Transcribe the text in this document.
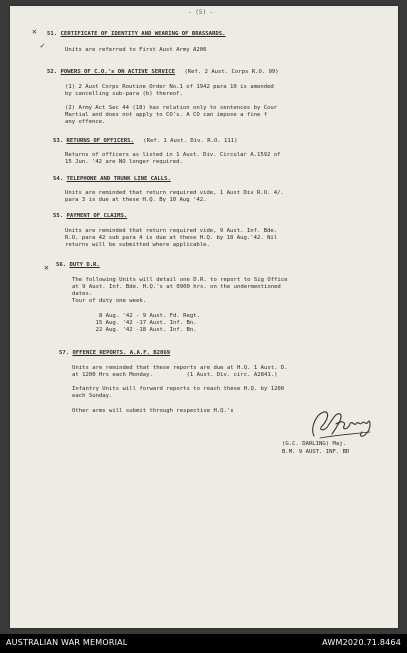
- (5) -
✕
✓
✕
51. CERTIFICATE OF IDENTITY AND WEARING OF BRASSARDS.
Units are referred to First Aust Army A206
52. POWERS OF C.O.'s ON ACTIVE SERVICE (Ref. 2 Aust. Corps R.O. 99)
(1) 2 Aust Corps Routine Order No.1 of 1942 para 10 is amended
by cancelling sub-para (b) thereof.
(2) Army Act Sec 44 (18) has relation only to sentences by Cour
Martial and does not apply to CO's. A CO can impose a fine f
any offence.
53. RETURNS OF OFFICERS. (Ref. 1 Aust. Div. R.O. 111)
Returns of officers as listed in 1 Aust. Div. Circular A.1592 of
15 Jun. '42 are NO longer required.
54. TELEPHONE AND TRUNK LINE CALLS.
Units are reminded that return required vide, 1 Aust Div R.O. 4/.
para 3 is due at these H.Q. By 10 Aug '42.
55. PAYMENT OF CLAIMS.
Units are reminded that return required vide, 9 Aust. Inf. Bde.
R.O. para 42 sub para 4 is due at these H.Q. by 18 Aug.'42. Nil
returns will be submitted where applicable.
56. DUTY D.R.
The following Units will detail one D.R. to report to Sig Office
at 9 Aust. Inf. Bde. H.Q.'s at 0900 hrs. on the undermentioned
dates.
Tour of duty one week.
8 Aug. '42 - 9 Aust. Fd. Regt.
15 Aug. '42 -17 Aust. Inf. Bn.
22 Aug. '42 -18 Aust. Inf. Bn.
57. OFFENCE REPORTS. A.A.F. B2069
Units are reminded that these reports are due at H.Q. 1 Aust. D.
at 1200 Hrs each Monday.          (1 Aust. Div. circ. A2841.)
Infantry Units will forward reports to reach these H.Q. by 1200
each Sunday.
Other arms will submit through respective H.Q.'s
(G.C. DARLING) Maj.
B.M. 9 AUST. INF. BD
AUSTRALIAN WAR MEMORIAL	AWM2020.71.8464
